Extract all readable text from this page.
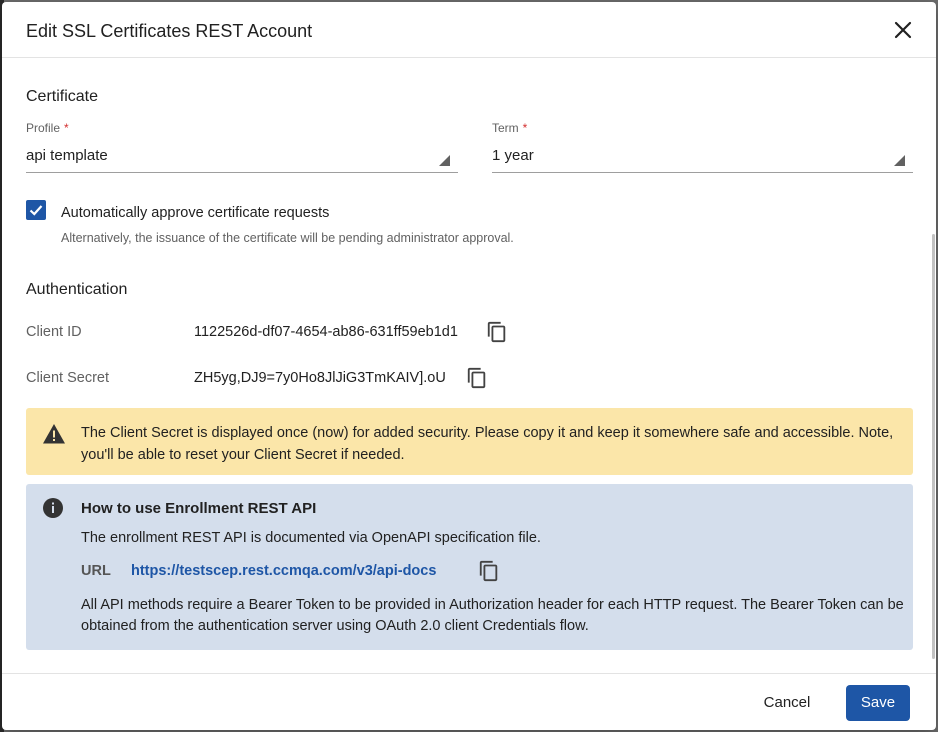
Edit SSL Certificates REST Account
Certificate
Profile *
api template
Term *
1 year
Automatically approve certificate requests
Alternatively, the issuance of the certificate will be pending administrator approval.
Authentication
Client ID	1122526d-df07-4654-ab86-631ff59eb1d1
Client Secret	ZH5yg,DJ9=7y0Ho8JlJiG3TmKAIV].oU
The Client Secret is displayed once (now) for added security. Please copy it and keep it somewhere safe and accessible. Note, you'll be able to reset your Client Secret if needed.
How to use Enrollment REST API
The enrollment REST API is documented via OpenAPI specification file.
URL https://testscep.rest.ccmqa.com/v3/api-docs
All API methods require a Bearer Token to be provided in Authorization header for each HTTP request. The Bearer Token can be obtained from the authentication server using OAuth 2.0 client Credentials flow.
Cancel	Save
